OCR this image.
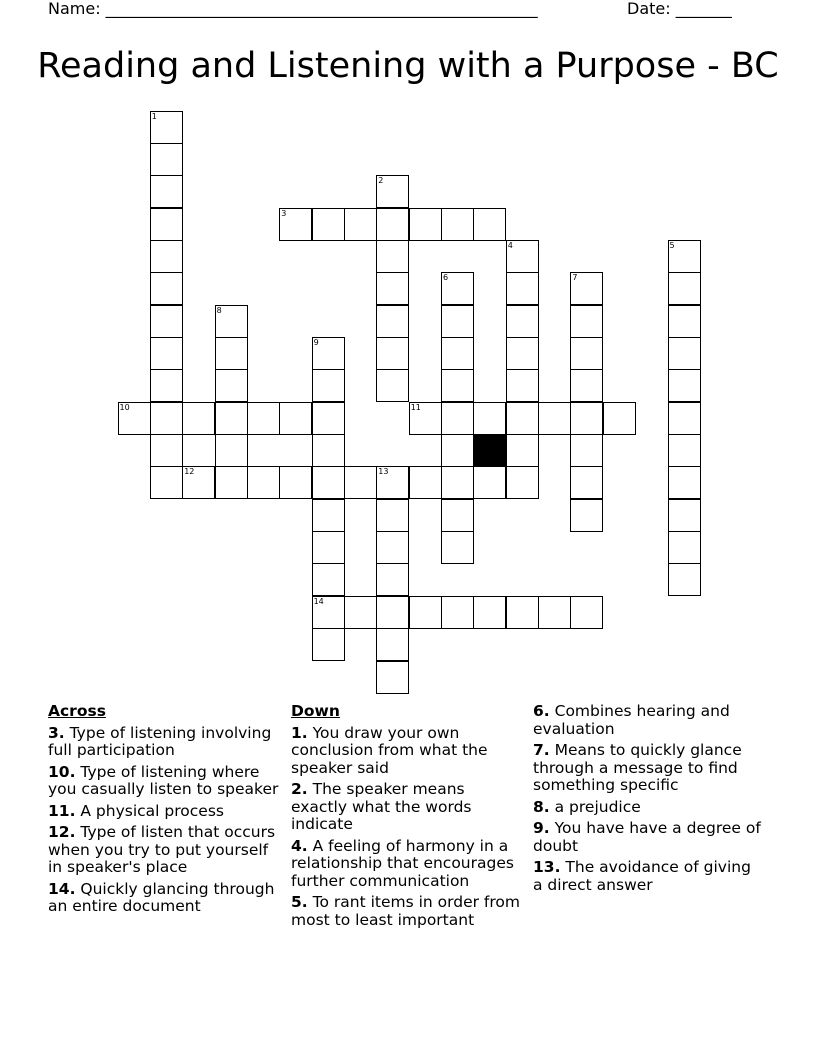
Name: ______________________________________________________	Date: _______
Reading and Listening with a Purpose - BC
1
2
3
4	5
6	7
8
9
14
10	11
12	13
Across
3. Type of listening involving full participation
10. Type of listening where you casually listen to speaker
11. A physical process
12. Type of listen that occurs when you try to put yourself in speaker's place
14. Quickly glancing through an entire document
Down
1. You draw your own conclusion from what the speaker said
2. The speaker means exactly what the words indicate
4. A feeling of harmony in a relationship that encourages further communication
5. To rant items in order from most to least important
6. Combines hearing and evaluation
7. Means to quickly glance through a message to find something specific
8. a prejudice
9. You have have a degree of doubt
13. The avoidance of giving a direct answer
